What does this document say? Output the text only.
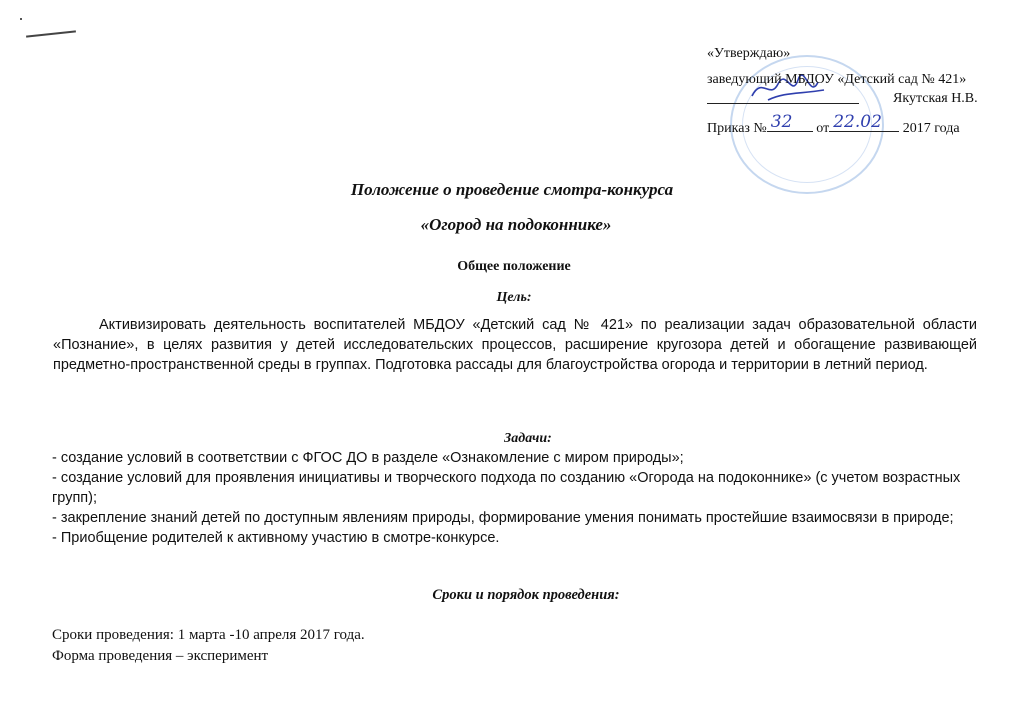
«Утверждаю»
заведующий МБДОУ «Детский сад № 421»
Якутская Н.В.
Приказ № 32 от 22.02 2017 года
Положение о проведение смотра-конкурса
«Огород на подоконнике»
Общее положение
Цель:
Активизировать деятельность воспитателей МБДОУ «Детский сад № 421» по реализации задач образовательной области «Познание», в целях развития у детей исследовательских процессов, расширение кругозора детей и обогащение развивающей предметно-пространственной среды в группах. Подготовка рассады для благоустройства огорода и территории в летний период.
Задачи:
- создание условий в соответствии с ФГОС ДО в разделе «Ознакомление с миром природы»;
- создание условий для проявления инициативы и творческого подхода по созданию «Огорода на подоконнике» (с учетом возрастных групп);
- закрепление знаний детей по доступным явлениям природы, формирование умения понимать простейшие взаимосвязи в природе;
- Приобщение родителей к активному участию в смотре-конкурсе.
Сроки и порядок проведения:
Сроки проведения: 1 марта -10 апреля 2017 года.
Форма проведения – эксперимент
